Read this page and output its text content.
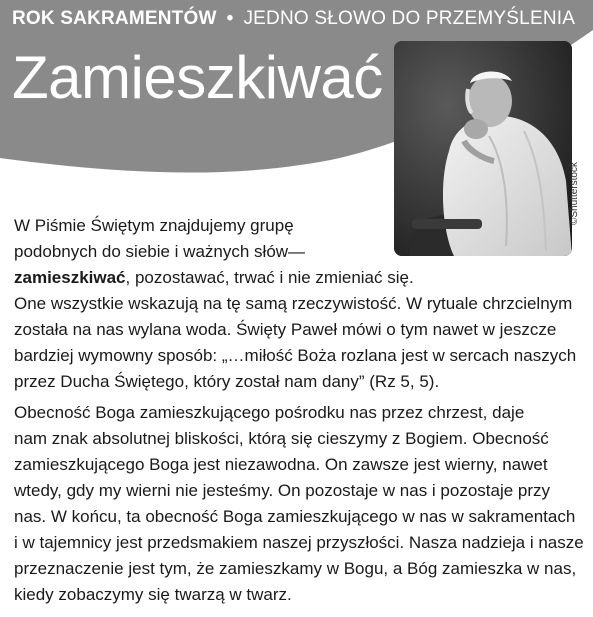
ROK SAKRAMENTÓW • JEDNO SŁOWO DO PRZEMYŚLENIA
Zamieszkiwać
©Shutterstock
W Piśmie Świętym znajdujemy grupę
podobnych do siebie i ważnych słów—
zamieszkiwać, pozostawać, trwać i nie zmieniać się.
One wszystkie wskazują na tę samą rzeczywistość. W rytuale chrzcielnym
została na nas wylana woda. Święty Paweł mówi o tym nawet w jeszcze
bardziej wymowny sposób: „…miłość Boża rozlana jest w sercach naszych
przez Ducha Świętego, który został nam dany” (Rz 5, 5).
Obecność Boga zamieszkującego pośrodku nas przez chrzest, daje
nam znak absolutnej bliskości, którą się cieszymy z Bogiem. Obecność
zamieszkującego Boga jest niezawodna. On zawsze jest wierny, nawet
wtedy, gdy my wierni nie jesteśmy. On pozostaje w nas i pozostaje przy
nas. W końcu, ta obecność Boga zamieszkującego w nas w sakramentach
i w tajemnicy jest przedsmakiem naszej przyszłości. Nasza nadzieja i nasze
przeznaczenie jest tym, że zamieszkamy w Bogu, a Bóg zamieszka w nas,
kiedy zobaczymy się twarzą w twarz.
